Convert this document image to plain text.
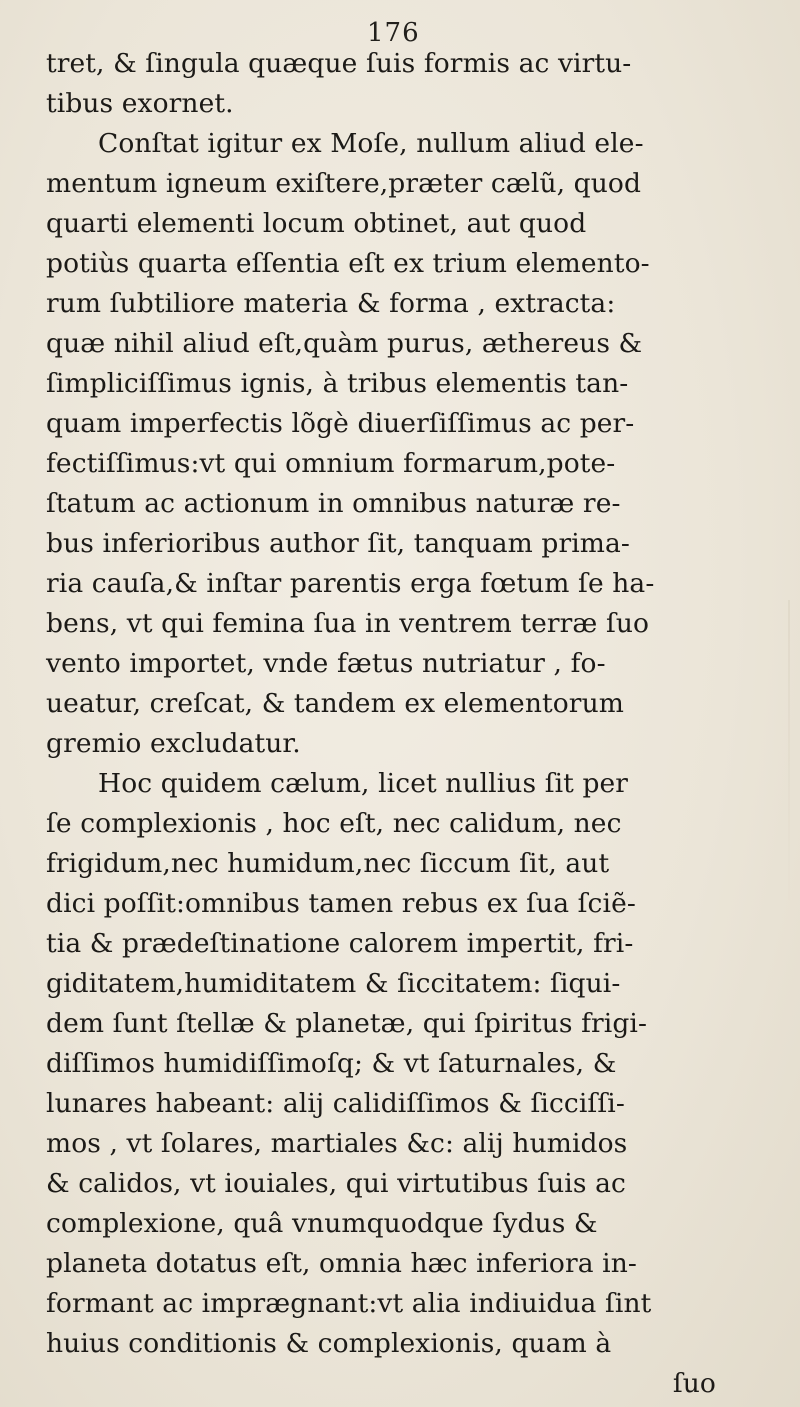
176
tret, & ſingula quæque ſuis formis ac virtu-
tibus exornet.
Conſtat igitur ex Moſe, nullum aliud ele-
mentum igneum exiſtere,præter cælũ, quod
quarti elementi locum obtinet, aut quod
potiùs quarta eſſentia eſt ex trium elemento-
rum ſubtiliore materia & forma , extracta:
quæ nihil aliud eſt,quàm purus, æthereus &
ſimpliciſſimus ignis, à tribus elementis tan-
quam imperfectis lõgè diuerſiſſimus ac per-
fectiſſimus:vt qui omnium formarum,pote-
ſtatum ac actionum in omnibus naturæ re-
bus inferioribus author ſit, tanquam prima-
ria cauſa,& inſtar parentis erga fœtum ſe ha-
bens, vt qui femina ſua in ventrem terræ ſuo
vento importet, vnde fætus nutriatur , fo-
ueatur, creſcat, & tandem ex elementorum
gremio excludatur.
Hoc quidem cælum, licet nullius ſit per
ſe complexionis , hoc eſt, nec calidum, nec
frigidum,nec humidum,nec ſiccum ſit, aut
dici poſſit:omnibus tamen rebus ex ſua ſciẽ-
tia & prædeſtinatione calorem impertit, fri-
giditatem,humiditatem & ſiccitatem: ſiqui-
dem ſunt ſtellæ & planetæ, qui ſpiritus frigi-
diſſimos humidiſſimoſq; & vt ſaturnales, &
lunares habeant: alij calidiſſimos & ſicciſſi-
mos , vt ſolares, martiales &c: alij humidos
& calidos, vt iouiales, qui virtutibus ſuis ac
complexione, quâ vnumquodque ſydus &
planeta dotatus eſt, omnia hæc inferiora in-
formant ac imprægnant:vt alia indiuidua ſint
huius conditionis & complexionis, quam à
ſuo
